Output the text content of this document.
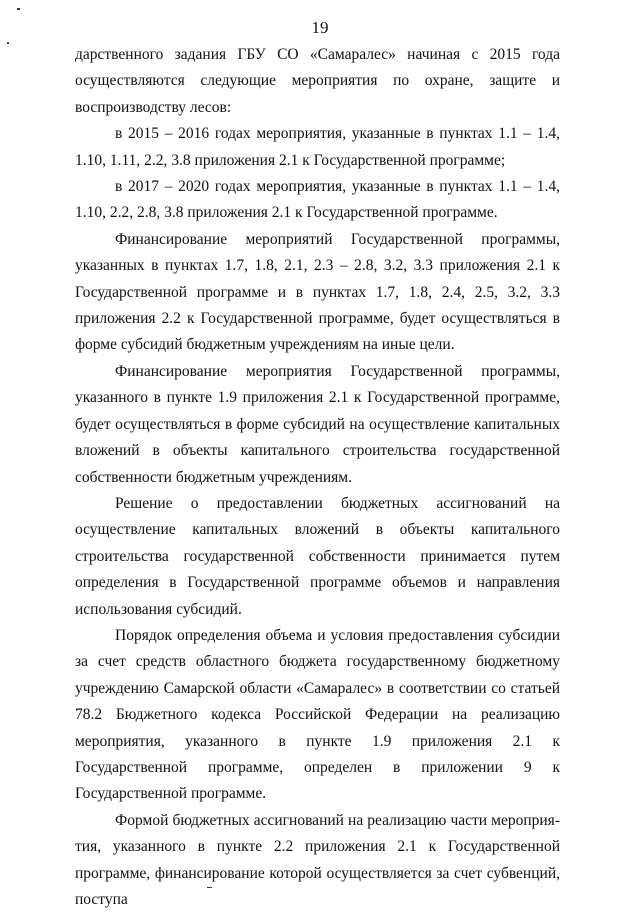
19

дарственного задания ГБУ СО «Самаралес» начиная с 2015 года осуществляются следующие мероприятия по охране, защите и воспроизводству лесов:

в 2015 – 2016 годах мероприятия, указанные в пунктах 1.1 – 1.4, 1.10, 1.11, 2.2, 3.8 приложения 2.1 к Государственной программе;

в 2017 – 2020 годах мероприятия, указанные в пунктах 1.1 – 1.4, 1.10, 2.2, 2.8, 3.8 приложения 2.1 к Государственной программе.

Финансирование мероприятий Государственной программы, указанных в пунктах 1.7, 1.8, 2.1, 2.3 – 2.8, 3.2, 3.3 приложения 2.1 к Государственной программе и в пунктах 1.7, 1.8, 2.4, 2.5, 3.2, 3.3 приложения 2.2 к Государственной программе, будет осуществляться в форме субсидий бюджетным учреждениям на иные цели.

Финансирование мероприятия Государственной программы, указанного в пункте 1.9 приложения 2.1 к Государственной программе, будет осуществляться в форме субсидий на осуществление капитальных вложений в объекты капитального строительства государственной собственности бюджетным учреждениям.

Решение о предоставлении бюджетных ассигнований на осуществление капитальных вложений в объекты капитального строительства государственной собственности принимается путем определения в Государственной программе объемов и направления использования субсидий.

Порядок определения объема и условия предоставления субсидии за счет средств областного бюджета государственному бюджетному учреждению Самарской области «Самаралес» в соответствии со статьей 78.2 Бюджетного кодекса Российской Федерации на реализацию мероприятия, указанного в пункте 1.9 приложения 2.1 к Государственной программе, определен в приложении 9 к Государственной программе.

Формой бюджетных ассигнований на реализацию части мероприятия, указанного в пункте 2.2 приложения 2.1 к Государственной программе, финансирование которой осуществляется за счет субвенций, поступа
